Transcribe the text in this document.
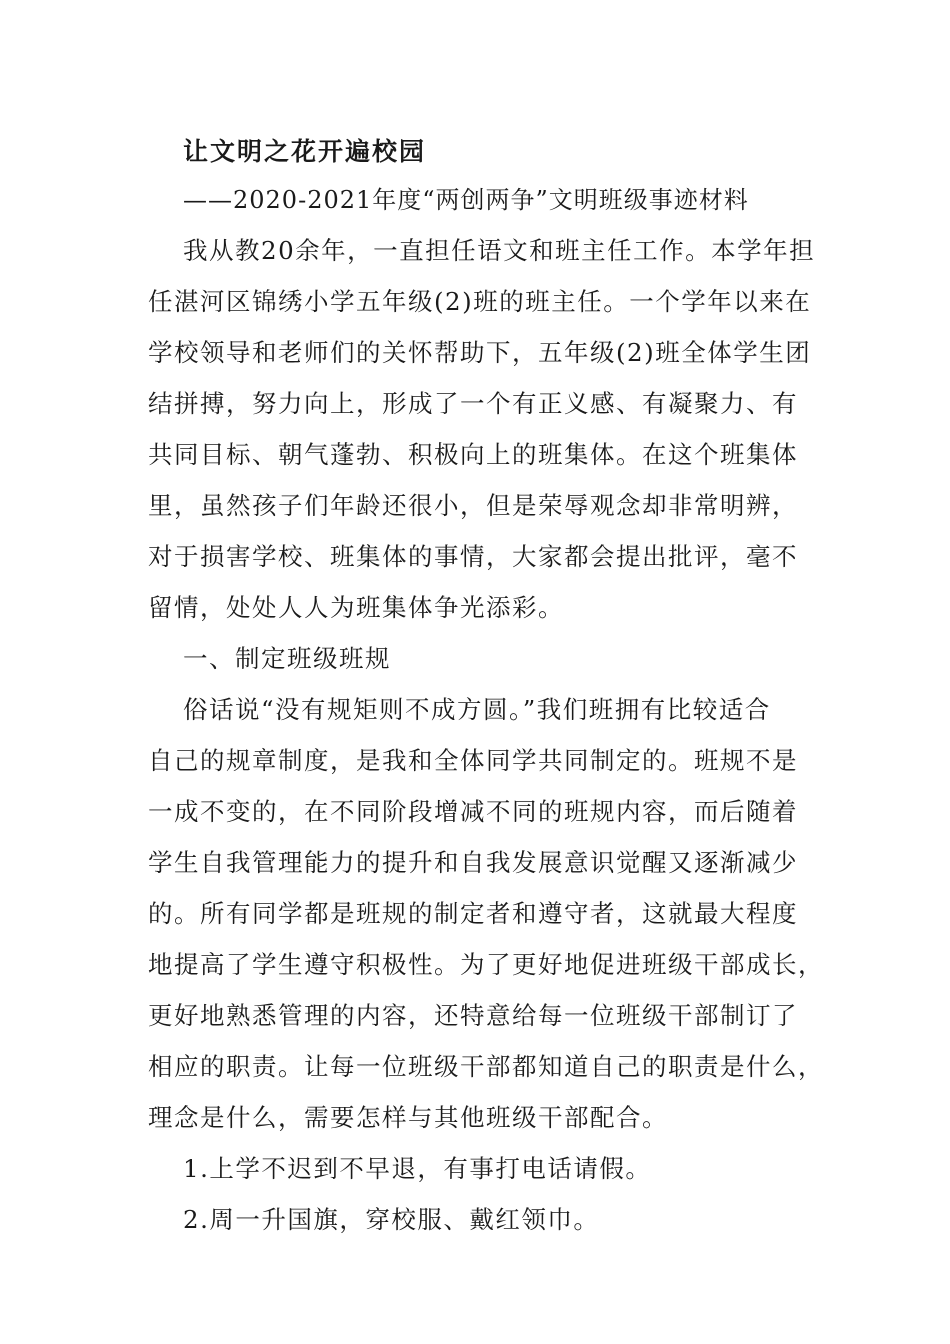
让文明之花开遍校园
——2020-2021年度“两创两争”文明班级事迹材料
我从教20余年，一直担任语文和班主任工作。本学年担
任湛河区锦绣小学五年级(2)班的班主任。一个学年以来在
学校领导和老师们的关怀帮助下，五年级(2)班全体学生团
结拼搏，努力向上，形成了一个有正义感、有凝聚力、有
共同目标、朝气蓬勃、积极向上的班集体。在这个班集体
里，虽然孩子们年龄还很小，但是荣辱观念却非常明辨，
对于损害学校、班集体的事情，大家都会提出批评，毫不
留情，处处人人为班集体争光添彩。
一、制定班级班规
俗话说“没有规矩则不成方圆。”我们班拥有比较适合
自己的规章制度，是我和全体同学共同制定的。班规不是
一成不变的，在不同阶段增减不同的班规内容，而后随着
学生自我管理能力的提升和自我发展意识觉醒又逐渐减少
的。所有同学都是班规的制定者和遵守者，这就最大程度
地提高了学生遵守积极性。为了更好地促进班级干部成长，
更好地熟悉管理的内容，还特意给每一位班级干部制订了
相应的职责。让每一位班级干部都知道自己的职责是什么，
理念是什么，需要怎样与其他班级干部配合。
1.上学不迟到不早退，有事打电话请假。
2.周一升国旗，穿校服、戴红领巾。
